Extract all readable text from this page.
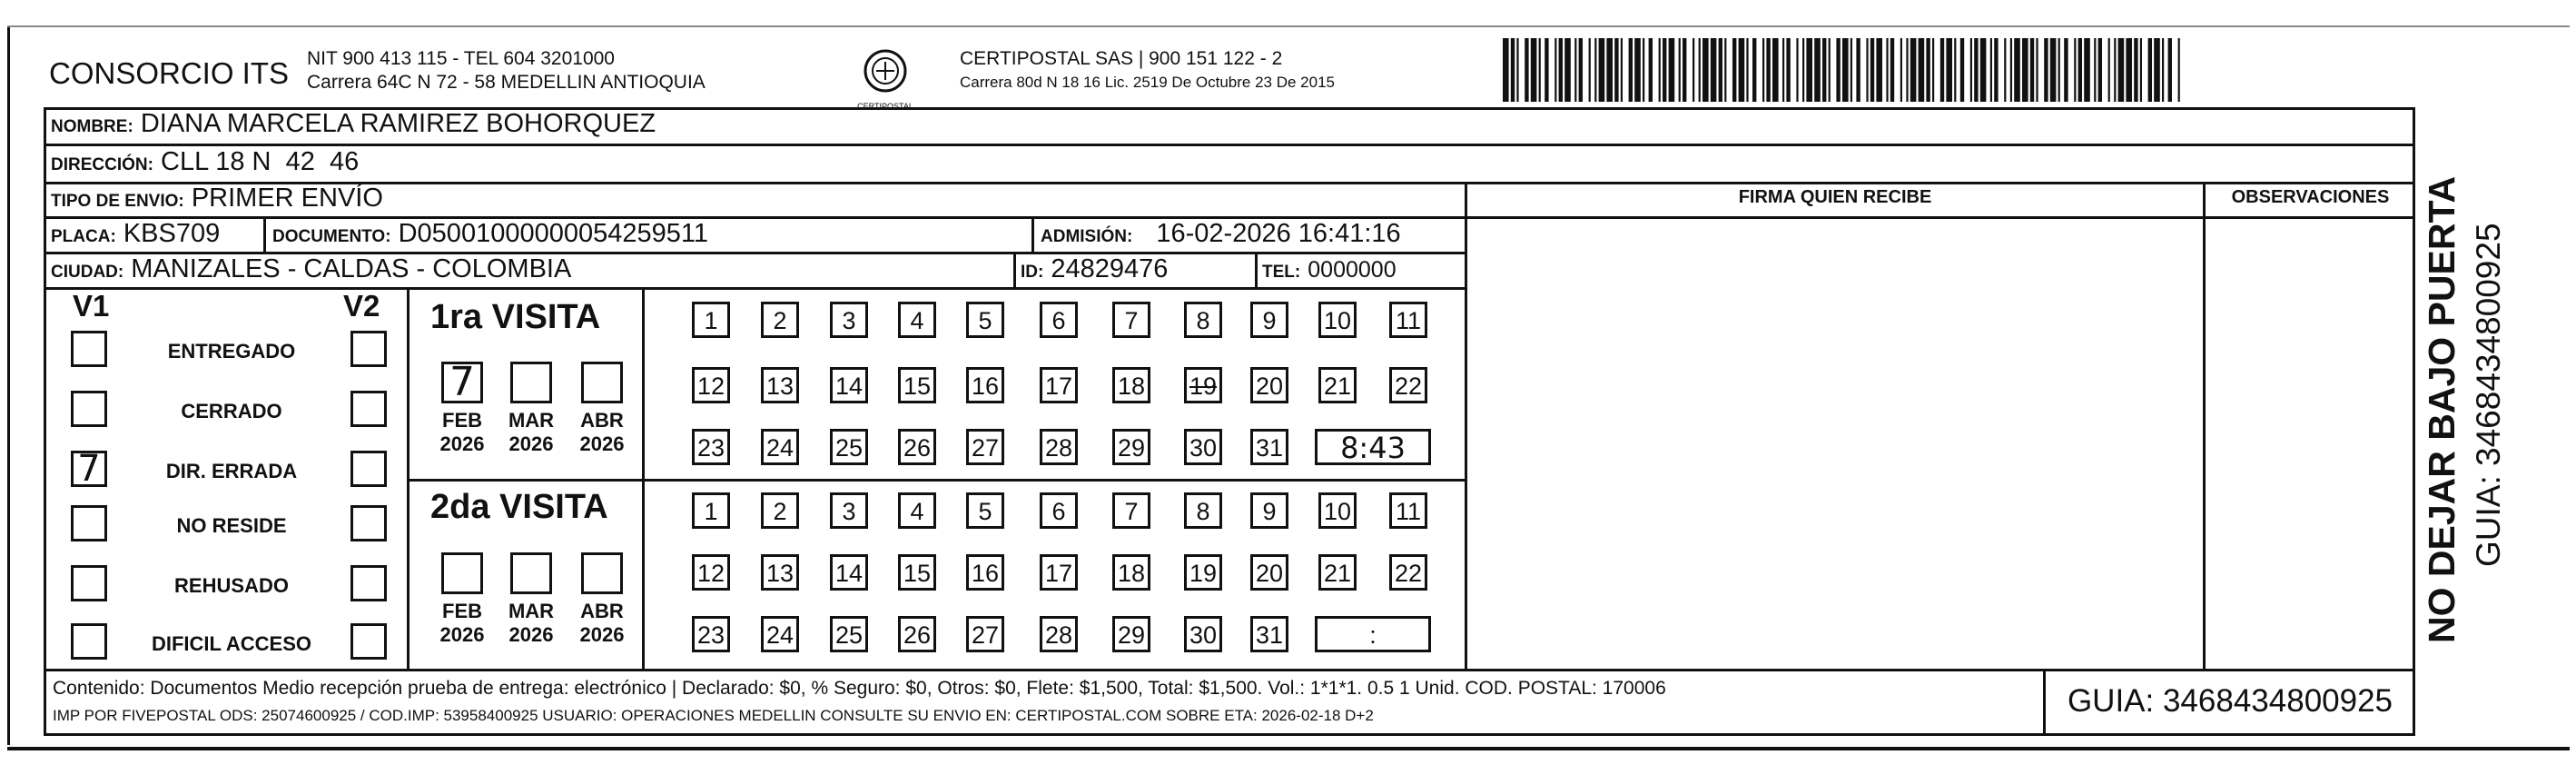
CONSORCIO ITS NIT 900 413 115 - TEL 604 3201000
Carrera 64C N 72 - 58 MEDELLIN ANTIOQUIA
CERTIPOSTAL
CERTIPOSTAL SAS | 900 151 122 - 2
Carrera 80d N 18 16 Lic. 2519 De Octubre 23 De 2015
NOMBRE: DIANA MARCELA RAMIREZ BOHORQUEZ
DIRECCIÓN: CLL 18 N  42  46
TIPO DE ENVIO: PRIMER ENVÍO
PLACA: KBS709	DOCUMENTO: D05001000000054259511	ADMISIÓN: 16-02-2026 16:41:16
CIUDAD: MANIZALES - CALDAS - COLOMBIA	ID: 24829476	TEL: 0000000
FIRMA QUIEN RECIBE	OBSERVACIONES
V1	V2
ENTREGADO
CERRADO
7	DIR. ERRADA
NO RESIDE
REHUSADO
DIFICIL ACCESO
1ra VISITA
7
FEB
2026
MAR
2026
ABR
2026
1	2	3	4	5	6	7	8	9	10 11
12 13 14 15 16 17 18 19 20 21 22
23 24 25 26 27 28 29 30 31	8:43
2da VISITA
FEB
2026
MAR
2026
ABR
2026
1	2	3	4	5	6	7	8	9	10 11
12 13 14 15 16 17 18 19 20 21 22
23 24 25 26 27 28 29 30 31	:
Contenido: Documentos Medio recepción prueba de entrega: electrónico | Declarado: $0, % Seguro: $0, Otros: $0, Flete: $1,500, Total: $1,500. Vol.: 1*1*1. 0.5 1 Unid. COD. POSTAL: 170006
IMP POR FIVEPOSTAL ODS: 25074600925 / COD.IMP: 53958400925 USUARIO: OPERACIONES MEDELLIN CONSULTE SU ENVIO EN: CERTIPOSTAL.COM SOBRE ETA: 2026-02-18 D+2	GUIA: 3468434800925
NO DEJAR BAJO PUERTA GUIA: 3468434800925
